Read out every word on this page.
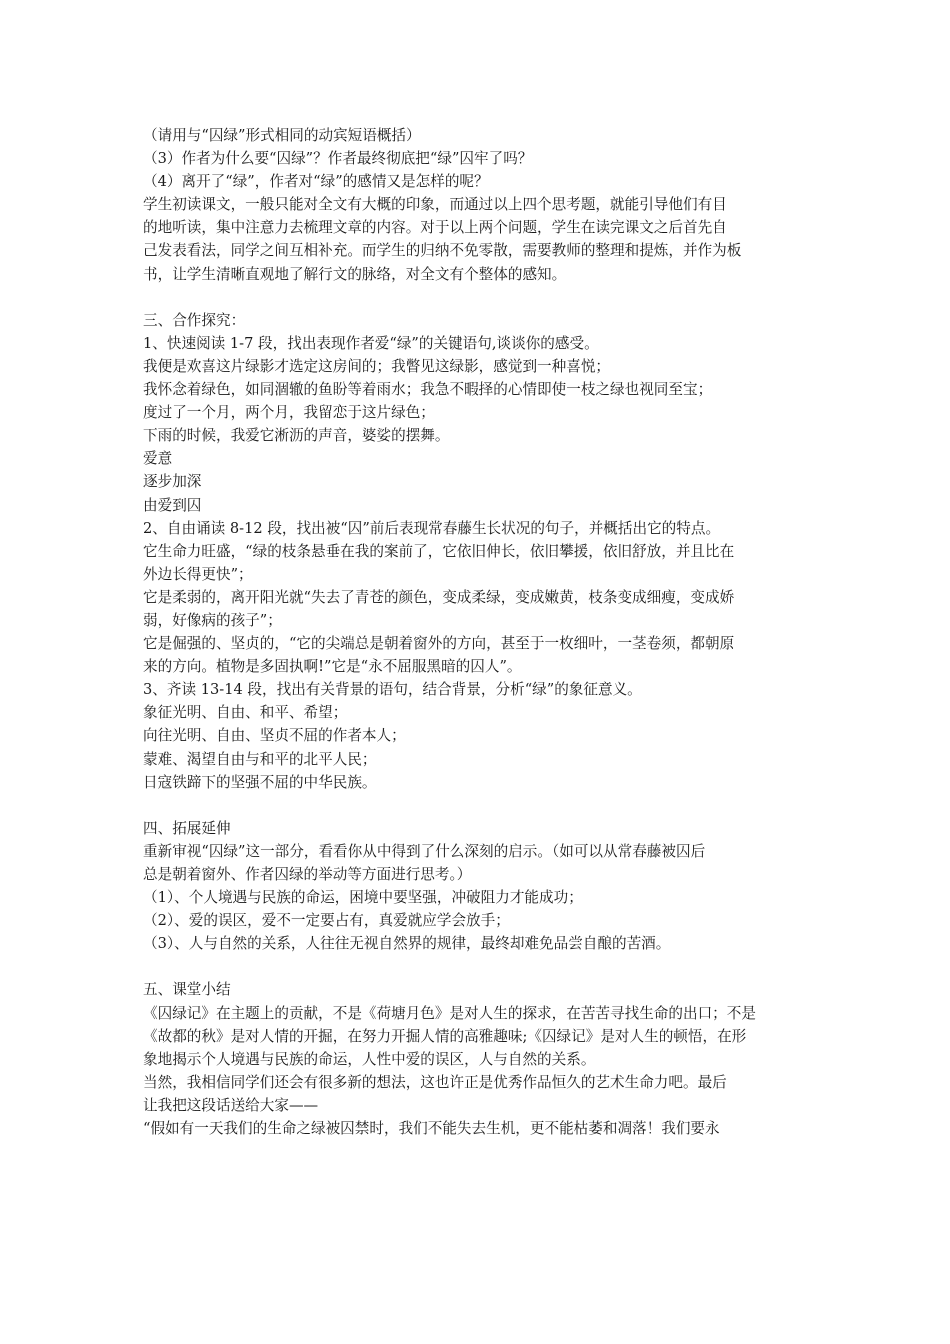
（请用与“囚绿”形式相同的动宾短语概括）
（3）作者为什么要“囚绿”？作者最终彻底把“绿”囚牢了吗？
（4）离开了“绿”，作者对“绿”的感情又是怎样的呢？
学生初读课文，一般只能对全文有大概的印象，而通过以上四个思考题，就能引导他们有目
的地听读，集中注意力去梳理文章的内容。对于以上两个问题，学生在读完课文之后首先自
己发表看法，同学之间互相补充。而学生的归纳不免零散，需要教师的整理和提炼，并作为板
书，让学生清晰直观地了解行文的脉络，对全文有个整体的感知。
三、合作探究：
1、快速阅读 1-7 段，找出表现作者爱“绿”的关键语句,谈谈你的感受。
我便是欢喜这片绿影才选定这房间的；我瞥见这绿影，感觉到一种喜悦；
我怀念着绿色，如同涸辙的鱼盼等着雨水；我急不暇择的心情即使一枝之绿也视同至宝；
度过了一个月，两个月，我留恋于这片绿色；
下雨的时候，我爱它淅沥的声音，婆娑的摆舞。
爱意
逐步加深
由爱到囚
2、自由诵读 8-12 段，找出被“囚”前后表现常春藤生长状况的句子，并概括出它的特点。
它生命力旺盛，“绿的枝条悬垂在我的案前了，它依旧伸长，依旧攀援，依旧舒放，并且比在
外边长得更快”；
它是柔弱的，离开阳光就“失去了青苍的颜色，变成柔绿，变成嫩黄，枝条变成细瘦，变成娇
弱，好像病的孩子”；
它是倔强的、坚贞的，“它的尖端总是朝着窗外的方向，甚至于一枚细叶，一茎卷须，都朝原
来的方向。植物是多固执啊!”它是“永不屈服黑暗的囚人”。
3、齐读 13-14 段，找出有关背景的语句，结合背景，分析“绿”的象征意义。
象征光明、自由、和平、希望；
向往光明、自由、坚贞不屈的作者本人；
蒙难、渴望自由与和平的北平人民；
日寇铁蹄下的坚强不屈的中华民族。
四、拓展延伸
重新审视“囚绿”这一部分，看看你从中得到了什么深刻的启示。（如可以从常春藤被囚后
总是朝着窗外、作者囚绿的举动等方面进行思考。）
（1）、个人境遇与民族的命运，困境中要坚强，冲破阻力才能成功；
（2）、爱的误区，爱不一定要占有，真爱就应学会放手；
（3）、人与自然的关系，人往往无视自然界的规律，最终却难免品尝自酿的苦酒。
五、课堂小结
《囚绿记》在主题上的贡献，不是《荷塘月色》是对人生的探求，在苦苦寻找生命的出口；不是
《故都的秋》是对人情的开掘，在努力开掘人情的高雅趣味;《囚绿记》是对人生的顿悟，在形
象地揭示个人境遇与民族的命运，人性中爱的误区，人与自然的关系。
当然，我相信同学们还会有很多新的想法，这也许正是优秀作品恒久的艺术生命力吧。最后
让我把这段话送给大家——
“假如有一天我们的生命之绿被囚禁时，我们不能失去生机，更不能枯萎和凋落！我们要永
